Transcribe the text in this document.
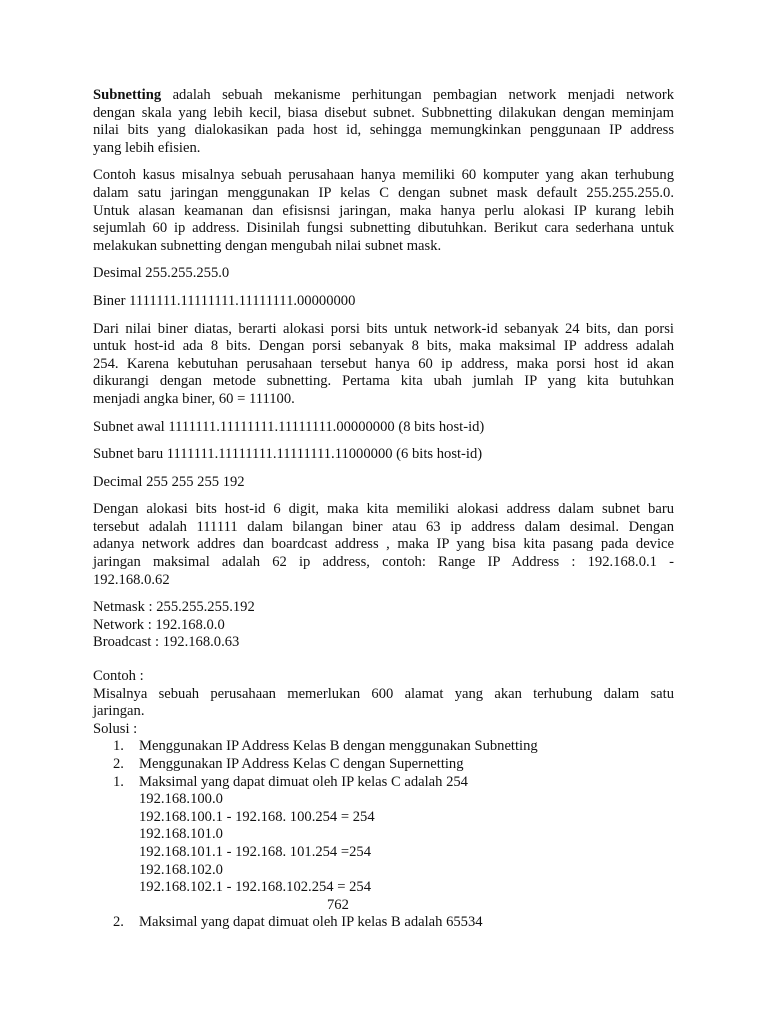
Subnetting adalah sebuah mekanisme perhitungan pembagian network menjadi network
dengan skala yang lebih kecil, biasa disebut subnet. Subbnetting dilakukan dengan meminjam
nilai bits yang dialokasikan pada host id, sehingga memungkinkan penggunaan IP address
yang lebih efisien.
Contoh kasus misalnya sebuah perusahaan hanya memiliki 60 komputer yang akan terhubung
dalam satu jaringan menggunakan IP kelas C dengan subnet mask default 255.255.255.0.
Untuk alasan keamanan dan efisisnsi jaringan, maka hanya perlu alokasi IP kurang lebih
sejumlah 60 ip address. Disinilah fungsi subnetting dibutuhkan. Berikut cara sederhana untuk
melakukan subnetting dengan mengubah nilai subnet mask.
Desimal 255.255.255.0
Biner 1111111.11111111.11111111.00000000
Dari nilai biner diatas, berarti alokasi porsi bits untuk network-id sebanyak 24 bits, dan porsi
untuk host-id ada 8 bits. Dengan porsi sebanyak 8 bits, maka maksimal IP address adalah
254. Karena kebutuhan perusahaan tersebut hanya 60 ip address, maka porsi host id akan
dikurangi dengan metode subnetting. Pertama kita ubah jumlah IP yang kita butuhkan
menjadi angka biner, 60 = 111100.
Subnet awal 1111111.11111111.11111111.00000000 (8 bits host-id)
Subnet baru 1111111.11111111.11111111.11000000 (6 bits host-id)
Decimal 255 255 255 192
Dengan alokasi bits host-id 6 digit, maka kita memiliki alokasi address dalam subnet baru
tersebut adalah 111111 dalam bilangan biner atau 63 ip address dalam desimal. Dengan
adanya network addres dan boardcast address , maka IP yang bisa kita pasang pada device
jaringan maksimal adalah 62 ip address, contoh: Range IP Address : 192.168.0.1 -
192.168.0.62
Netmask : 255.255.255.192
Network : 192.168.0.0
Broadcast : 192.168.0.63
Contoh :
Misalnya sebuah perusahaan memerlukan 600 alamat yang akan terhubung dalam satu
jaringan.
Solusi :
1. Menggunakan IP Address Kelas B dengan menggunakan Subnetting
2. Menggunakan IP Address Kelas C dengan Supernetting
1. Maksimal yang dapat dimuat oleh IP kelas C adalah 254
192.168.100.0
192.168.100.1 - 192.168. 100.254 = 254
192.168.101.0
192.168.101.1 - 192.168. 101.254 =254
192.168.102.0
192.168.102.1 - 192.168.102.254 = 254
762
2. Maksimal yang dapat dimuat oleh IP kelas B adalah 65534
